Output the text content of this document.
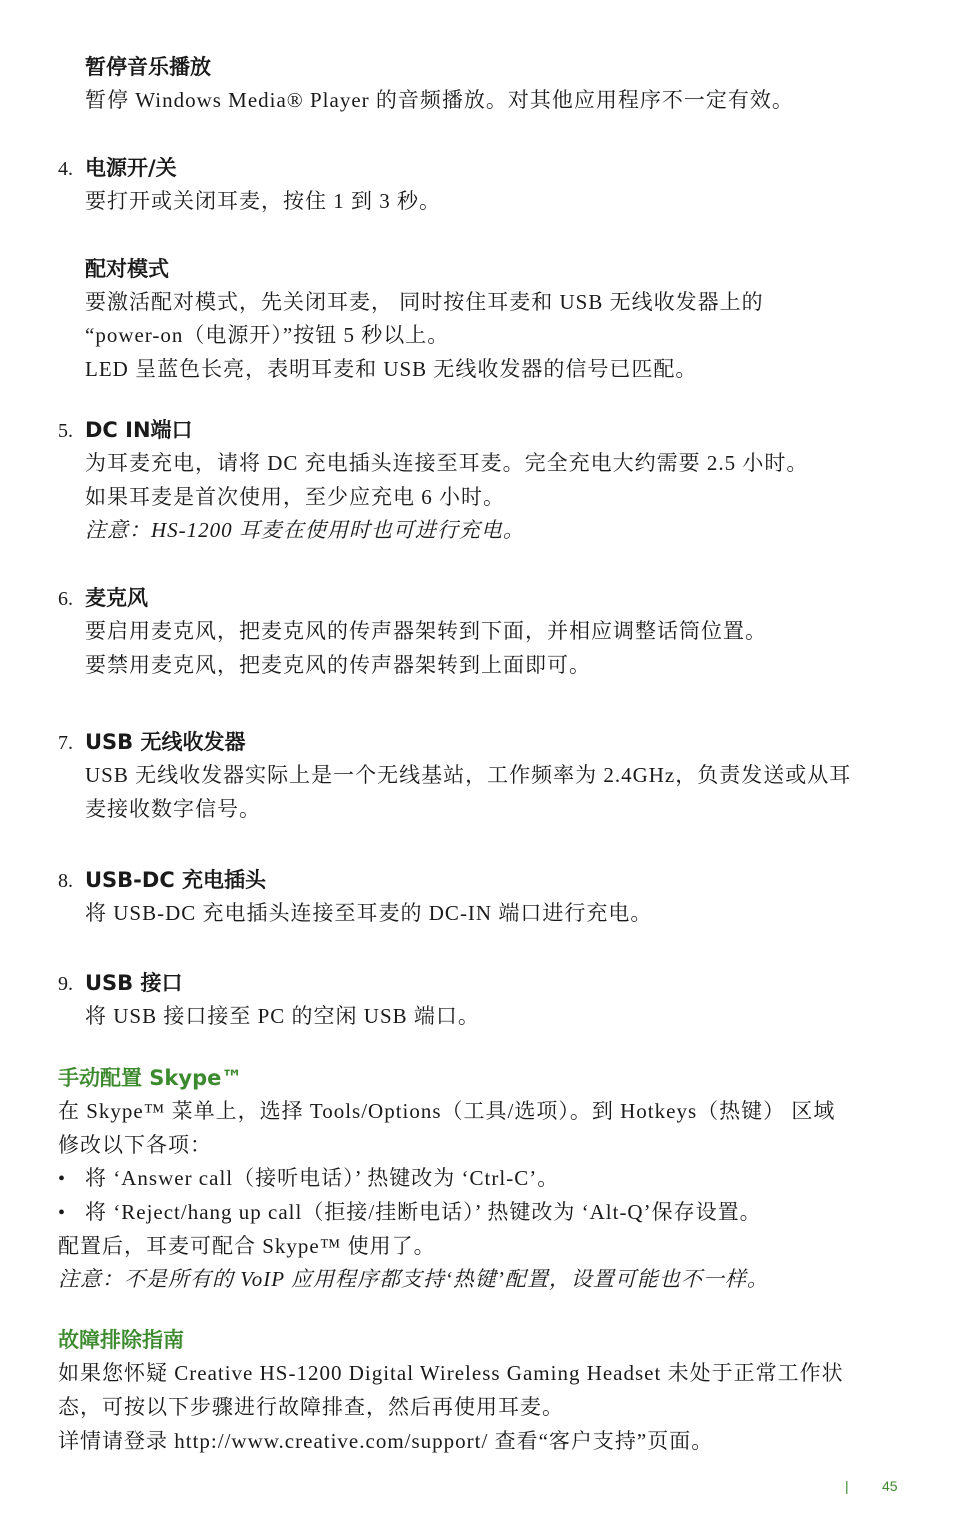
暂停音乐播放

暂停 Windows Media® Player 的音频播放。对其他应用程序不一定有效。

4. 电源开/关

要打开或关闭耳麦，按住 1 到 3 秒。

配对模式

要激活配对模式，先关闭耳麦， 同时按住耳麦和 USB 无线收发器上的

“power-on（电源开）”按钮 5 秒以上。

LED 呈蓝色长亮，表明耳麦和 USB 无线收发器的信号已匹配。

5. DC IN端口

为耳麦充电，请将 DC 充电插头连接至耳麦。完全充电大约需要 2.5 小时。

如果耳麦是首次使用，至少应充电 6 小时。

注意：HS-1200 耳麦在使用时也可进行充电。

6. 麦克风

要启用麦克风，把麦克风的传声器架转到下面，并相应调整话筒位置。

要禁用麦克风，把麦克风的传声器架转到上面即可。

7. USB 无线收发器

USB 无线收发器实际上是一个无线基站，工作频率为 2.4GHz，负责发送或从耳

麦接收数字信号。

8. USB-DC 充电插头

将 USB-DC 充电插头连接至耳麦的 DC-IN 端口进行充电。

9. USB 接口

将 USB 接口接至 PC 的空闲 USB 端口。

手动配置 Skype™

在 Skype™ 菜单上，选择 Tools/Options（工具/选项）。到 Hotkeys（热键） 区域

修改以下各项：

• 将 ‘Answer call（接听电话）’ 热键改为 ‘Ctrl-C’。

• 将 ‘Reject/hang up call（拒接/挂断电话）’ 热键改为 ‘Alt-Q’保存设置。

配置后，耳麦可配合 Skype™ 使用了。

注意：不是所有的 VoIP 应用程序都支持‘热键’配置，设置可能也不一样。

故障排除指南

如果您怀疑 Creative HS-1200 Digital Wireless Gaming Headset 未处于正常工作状

态，可按以下步骤进行故障排查，然后再使用耳麦。

详情请登录 http://www.creative.com/support/ 查看“客户支持”页面。

| 45
